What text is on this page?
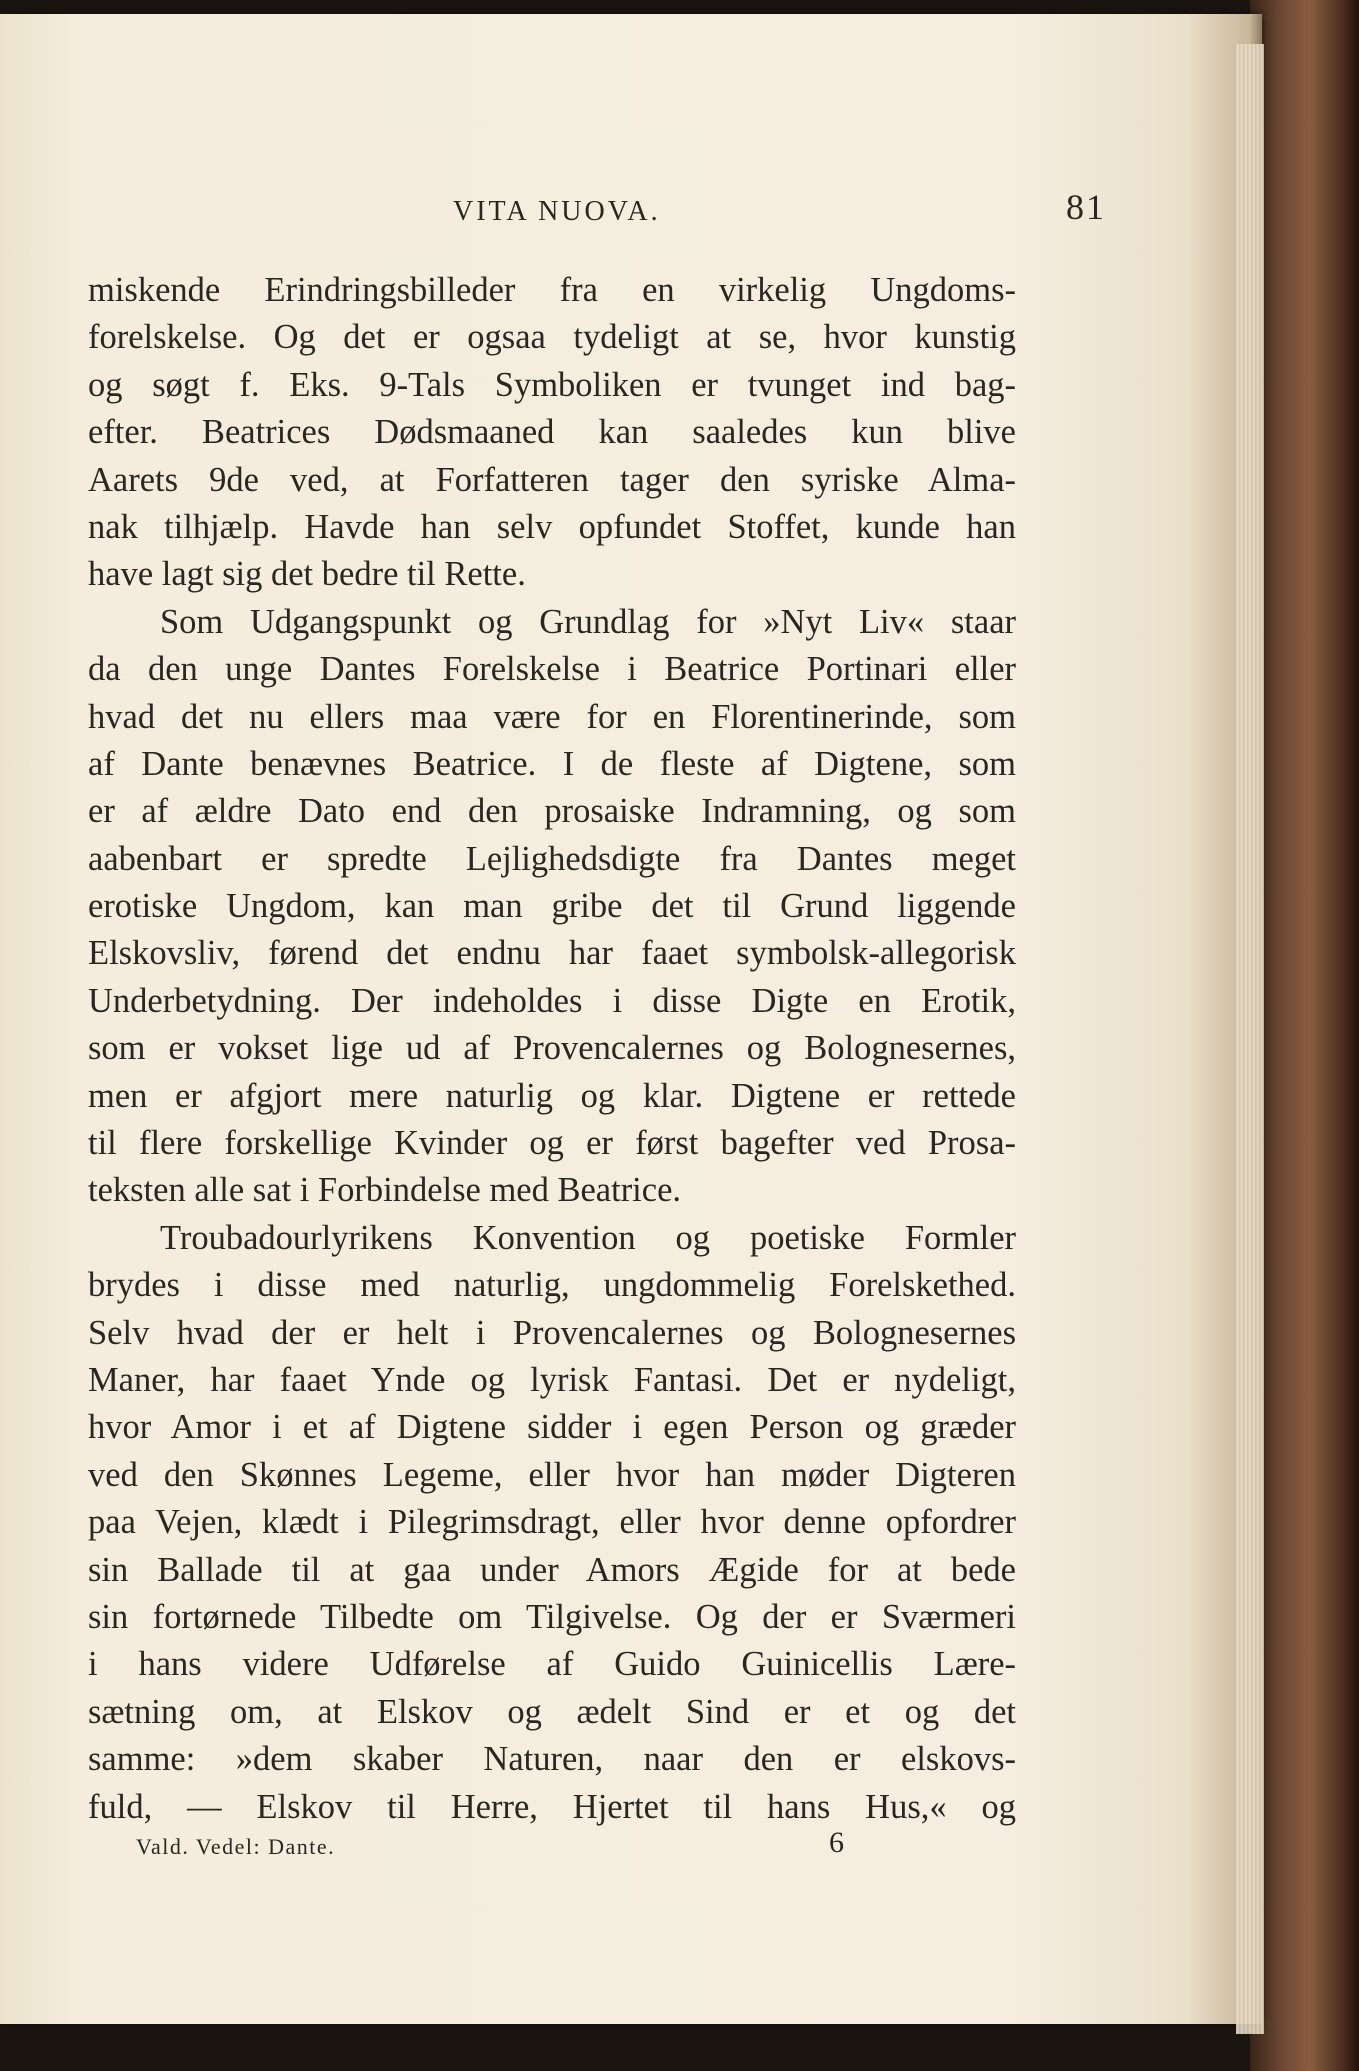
VITA NUOVA.	81
miskende Erindringsbilleder fra en virkelig Ungdoms-
forelskelse. Og det er ogsaa tydeligt at se, hvor kunstig
og søgt f. Eks. 9-Tals Symboliken er tvunget ind bag-
efter. Beatrices Dødsmaaned kan saaledes kun blive
Aarets 9de ved, at Forfatteren tager den syriske Alma-
nak tilhjælp. Havde han selv opfundet Stoffet, kunde han
have lagt sig det bedre til Rette.
Som Udgangspunkt og Grundlag for »Nyt Liv« staar
da den unge Dantes Forelskelse i Beatrice Portinari eller
hvad det nu ellers maa være for en Florentinerinde, som
af Dante benævnes Beatrice. I de fleste af Digtene, som
er af ældre Dato end den prosaiske Indramning, og som
aabenbart er spredte Lejlighedsdigte fra Dantes meget
erotiske Ungdom, kan man gribe det til Grund liggende
Elskovsliv, førend det endnu har faaet symbolsk-allegorisk
Underbetydning. Der indeholdes i disse Digte en Erotik,
som er vokset lige ud af Provencalernes og Bolognesernes,
men er afgjort mere naturlig og klar. Digtene er rettede
til flere forskellige Kvinder og er først bagefter ved Prosa-
teksten alle sat i Forbindelse med Beatrice.
Troubadourlyrikens Konvention og poetiske Formler
brydes i disse med naturlig, ungdommelig Forelskethed.
Selv hvad der er helt i Provencalernes og Bolognesernes
Maner, har faaet Ynde og lyrisk Fantasi. Det er nydeligt,
hvor Amor i et af Digtene sidder i egen Person og græder
ved den Skønnes Legeme, eller hvor han møder Digteren
paa Vejen, klædt i Pilegrimsdragt, eller hvor denne opfordrer
sin Ballade til at gaa under Amors Ægide for at bede
sin fortørnede Tilbedte om Tilgivelse. Og der er Sværmeri
i hans videre Udførelse af Guido Guinicellis Lære-
sætning om, at Elskov og ædelt Sind er et og det
samme: »dem skaber Naturen, naar den er elskovs-
fuld, — Elskov til Herre, Hjertet til hans Hus,« og
Vald. Vedel: Dante.	6
